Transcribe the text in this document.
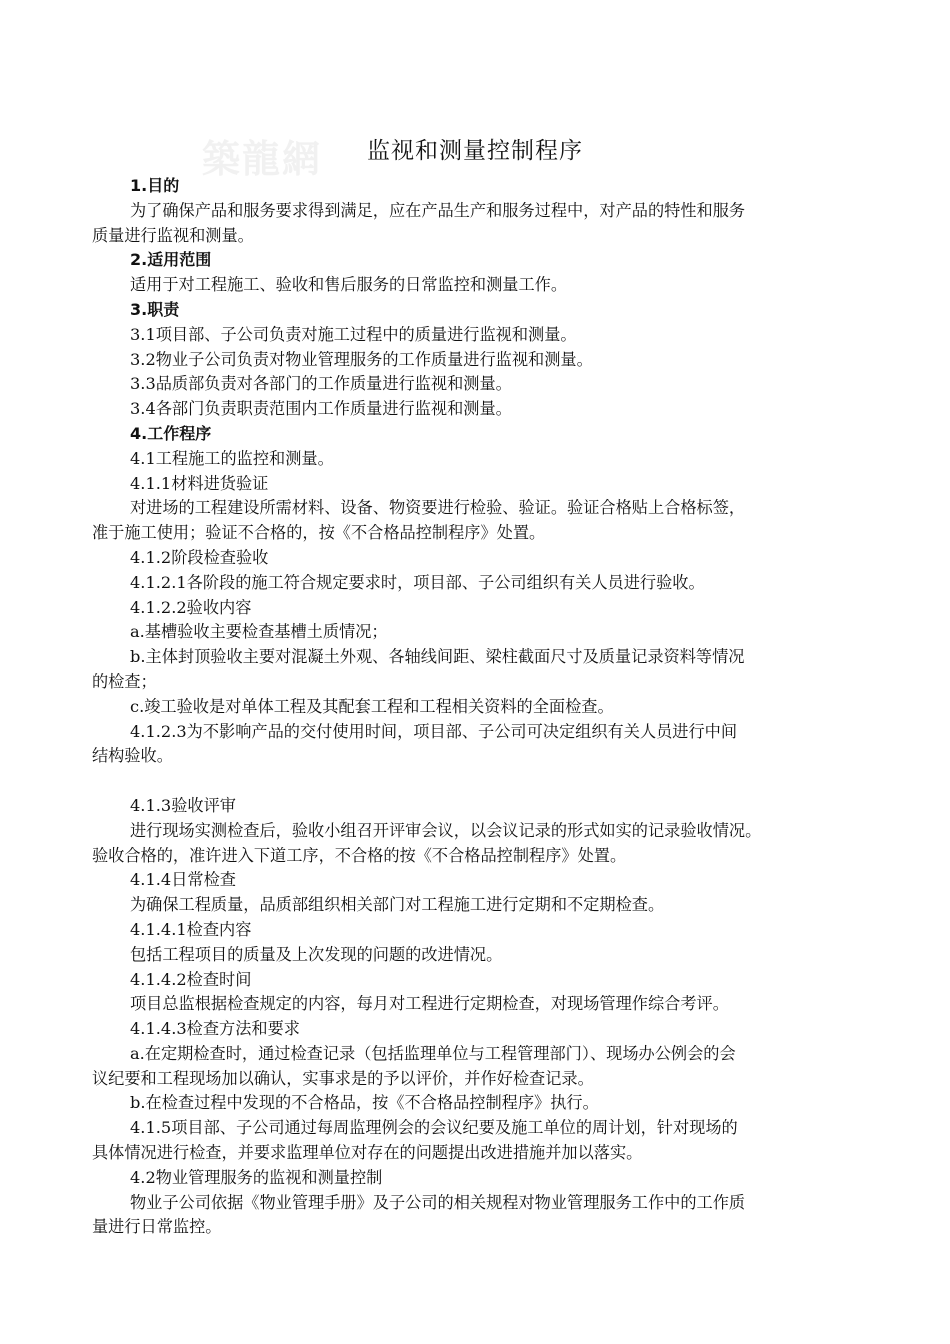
築龍網	监视和测量控制程序
1.目的
为了确保产品和服务要求得到满足，应在产品生产和服务过程中，对产品的特性和服务
质量进行监视和测量。
2.适用范围
适用于对工程施工、验收和售后服务的日常监控和测量工作。
3.职责
3.1项目部、子公司负责对施工过程中的质量进行监视和测量。
3.2物业子公司负责对物业管理服务的工作质量进行监视和测量。
3.3品质部负责对各部门的工作质量进行监视和测量。
3.4各部门负责职责范围内工作质量进行监视和测量。
4.工作程序
4.1工程施工的监控和测量。
4.1.1材料进货验证
对进场的工程建设所需材料、设备、物资要进行检验、验证。验证合格贴上合格标签，
准于施工使用；验证不合格的，按《不合格品控制程序》处置。
4.1.2阶段检查验收
4.1.2.1各阶段的施工符合规定要求时，项目部、子公司组织有关人员进行验收。
4.1.2.2验收内容
a.基槽验收主要检查基槽土质情况；
b.主体封顶验收主要对混凝土外观、各轴线间距、梁柱截面尺寸及质量记录资料等情况
的检查；
c.竣工验收是对单体工程及其配套工程和工程相关资料的全面检查。
4.1.2.3为不影响产品的交付使用时间，项目部、子公司可决定组织有关人员进行中间
结构验收。
4.1.3验收评审
进行现场实测检查后，验收小组召开评审会议，以会议记录的形式如实的记录验收情况。
验收合格的，准许进入下道工序，不合格的按《不合格品控制程序》处置。
4.1.4日常检查
为确保工程质量，品质部组织相关部门对工程施工进行定期和不定期检查。
4.1.4.1检查内容
包括工程项目的质量及上次发现的问题的改进情况。
4.1.4.2检查时间
项目总监根据检查规定的内容，每月对工程进行定期检查，对现场管理作综合考评。
4.1.4.3检查方法和要求
a.在定期检查时，通过检查记录（包括监理单位与工程管理部门）、现场办公例会的会
议纪要和工程现场加以确认，实事求是的予以评价，并作好检查记录。
b.在检查过程中发现的不合格品，按《不合格品控制程序》执行。
4.1.5项目部、子公司通过每周监理例会的会议纪要及施工单位的周计划，针对现场的
具体情况进行检查，并要求监理单位对存在的问题提出改进措施并加以落实。
4.2物业管理服务的监视和测量控制
物业子公司依据《物业管理手册》及子公司的相关规程对物业管理服务工作中的工作质
量进行日常监控。
